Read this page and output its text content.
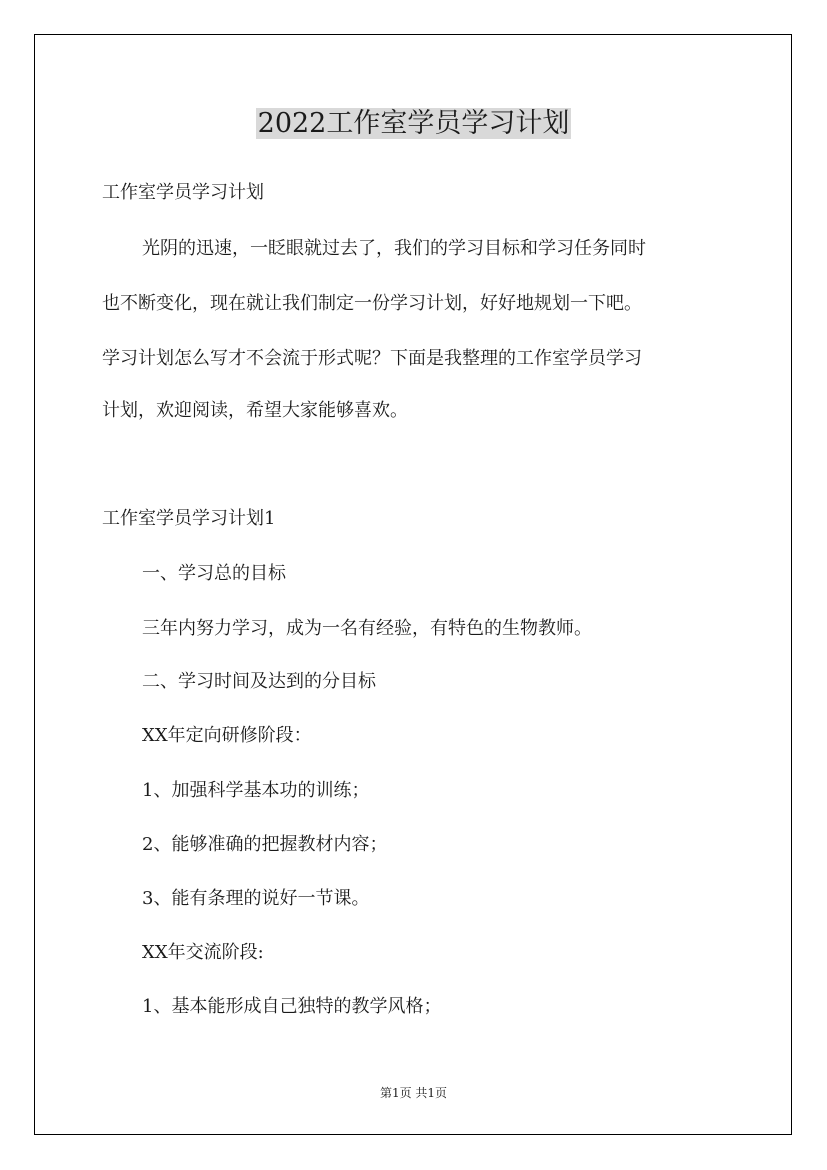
2022工作室学员学习计划
工作室学员学习计划
光阴的迅速，一眨眼就过去了，我们的学习目标和学习任务同时
也不断变化，现在就让我们制定一份学习计划，好好地规划一下吧。
学习计划怎么写才不会流于形式呢？下面是我整理的工作室学员学习
计划，欢迎阅读，希望大家能够喜欢。
工作室学员学习计划1
一、学习总的目标
三年内努力学习，成为一名有经验，有特色的生物教师。
二、学习时间及达到的分目标
XX年定向研修阶段：
1、加强科学基本功的训练；
2、能够准确的把握教材内容；
3、能有条理的说好一节课。
XX年交流阶段:
1、基本能形成自己独特的教学风格；
第1页 共1页
